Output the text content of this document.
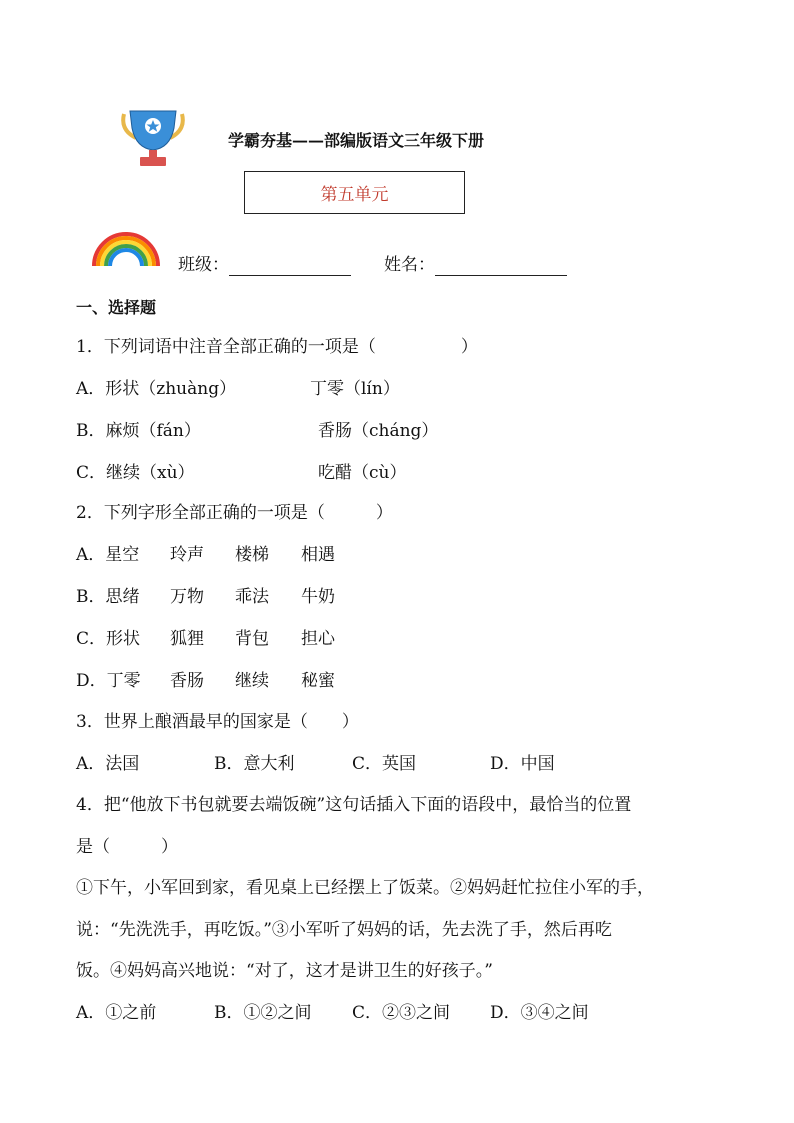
学霸夯基——部编版语文三年级下册
第五单元
班级：	姓名：
一、选择题
1．下列词语中注音全部正确的一项是（　　　　　）
A．形状（zhuàng）	丁零（lín）
B．麻烦（fán）	香肠（cháng）
C．继续（xù）	吃醋（cù）
2．下列字形全部正确的一项是（　　　）
A．星空 玲声 楼梯 相遇
B．思绪 万物 乖法 牛奶
C．形状 狐狸 背包 担心
D．丁零 香肠 继续 秘蜜
3．世界上酿酒最早的国家是（　　）
A．法国	B．意大利	C．英国	D．中国
4．把“他放下书包就要去端饭碗”这句话插入下面的语段中，最恰当的位置
是（　　　）
①下午，小军回到家，看见桌上已经摆上了饭菜。②妈妈赶忙拉住小军的手，
说：“先洗洗手，再吃饭。”③小军听了妈妈的话，先去洗了手，然后再吃
饭。④妈妈高兴地说：“对了，这才是讲卫生的好孩子。”
A．①之前	B．①②之间 C．②③之间 D．③④之间
